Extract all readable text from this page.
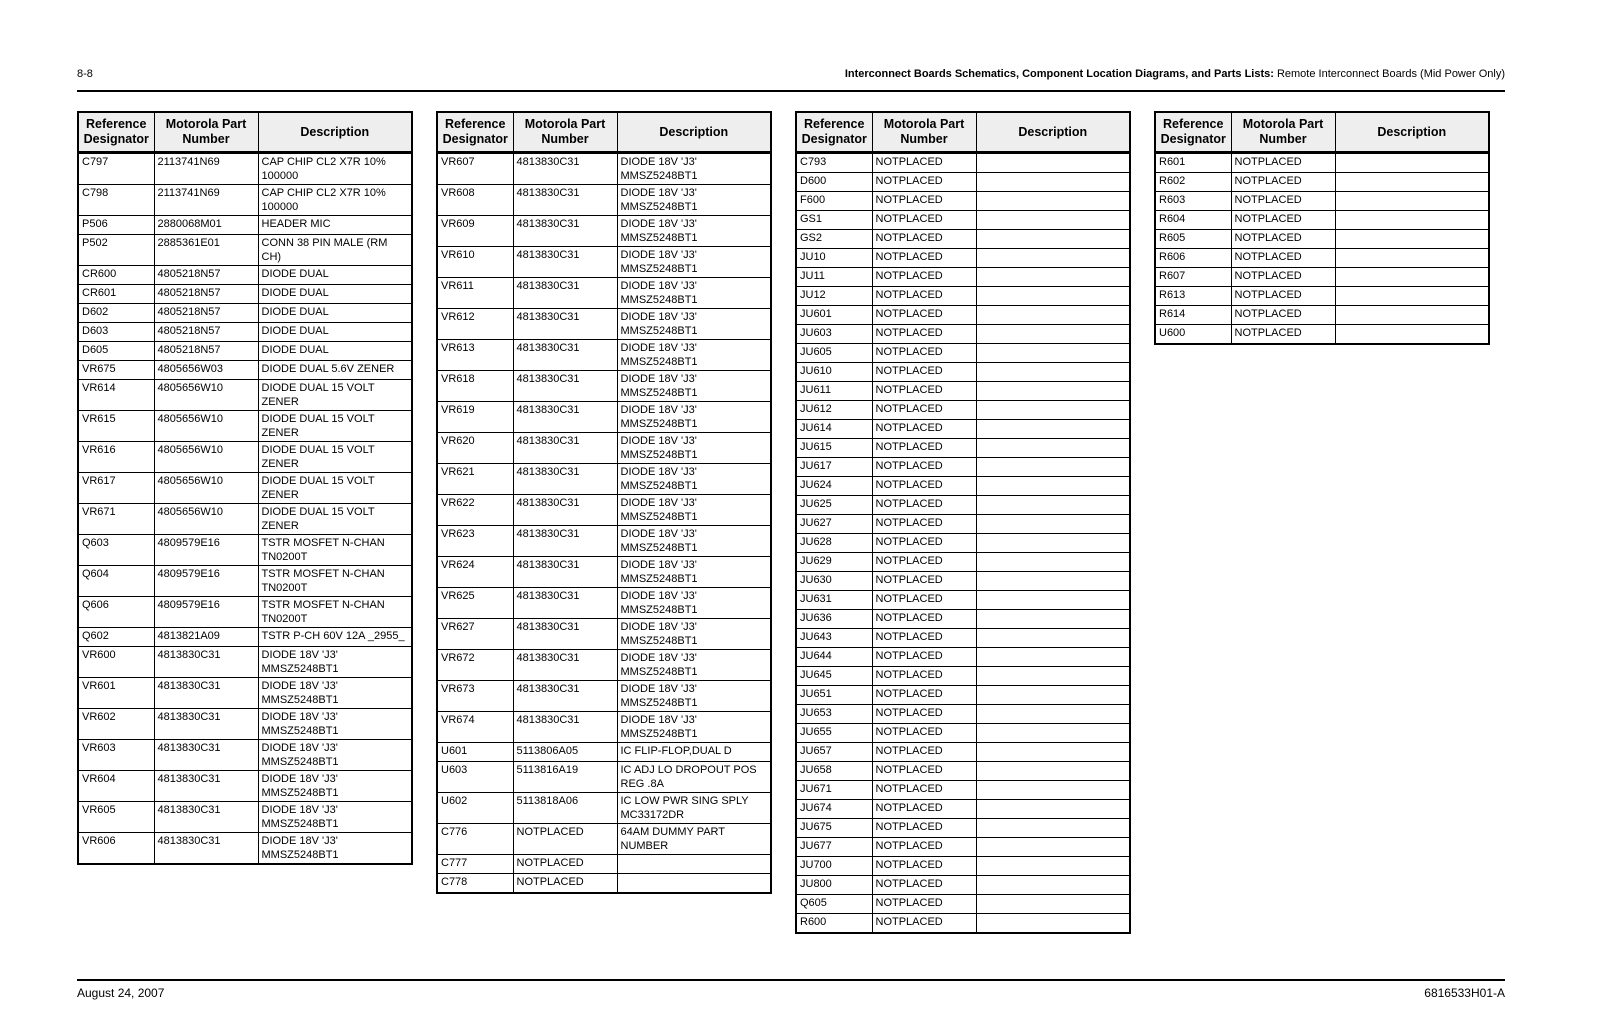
8-8	Interconnect Boards Schematics, Component Location Diagrams, and Parts Lists: Remote Interconnect Boards (Mid Power Only)
Reference Designator	Motorola Part Number	Description
C797	2113741N69	CAP CHIP CL2 X7R 10% 100000
C798	2113741N69	CAP CHIP CL2 X7R 10% 100000
P506	2880068M01	HEADER MIC
P502	2885361E01	CONN 38 PIN MALE (RM CH)
CR600	4805218N57	DIODE DUAL
CR601	4805218N57	DIODE DUAL
D602	4805218N57	DIODE DUAL
D603	4805218N57	DIODE DUAL
D605	4805218N57	DIODE DUAL
VR675	4805656W03	DIODE DUAL 5.6V ZENER
VR614	4805656W10	DIODE DUAL 15 VOLT ZENER
VR615	4805656W10	DIODE DUAL 15 VOLT ZENER
VR616	4805656W10	DIODE DUAL 15 VOLT ZENER
VR617	4805656W10	DIODE DUAL 15 VOLT ZENER
VR671	4805656W10	DIODE DUAL 15 VOLT ZENER
Q603	4809579E16	TSTR MOSFET N-CHAN TN0200T
Q604	4809579E16	TSTR MOSFET N-CHAN TN0200T
Q606	4809579E16	TSTR MOSFET N-CHAN TN0200T
Q602	4813821A09	TSTR P-CH 60V 12A _2955_
VR600	4813830C31	DIODE 18V 'J3' MMSZ5248BT1
VR601	4813830C31	DIODE 18V 'J3' MMSZ5248BT1
VR602	4813830C31	DIODE 18V 'J3' MMSZ5248BT1
VR603	4813830C31	DIODE 18V 'J3' MMSZ5248BT1
VR604	4813830C31	DIODE 18V 'J3' MMSZ5248BT1
VR605	4813830C31	DIODE 18V 'J3' MMSZ5248BT1
VR606	4813830C31	DIODE 18V 'J3' MMSZ5248BT1
Reference Designator	Motorola Part Number	Description
VR607	4813830C31	DIODE 18V 'J3' MMSZ5248BT1
VR608	4813830C31	DIODE 18V 'J3' MMSZ5248BT1
VR609	4813830C31	DIODE 18V 'J3' MMSZ5248BT1
VR610	4813830C31	DIODE 18V 'J3' MMSZ5248BT1
VR611	4813830C31	DIODE 18V 'J3' MMSZ5248BT1
VR612	4813830C31	DIODE 18V 'J3' MMSZ5248BT1
VR613	4813830C31	DIODE 18V 'J3' MMSZ5248BT1
VR618	4813830C31	DIODE 18V 'J3' MMSZ5248BT1
VR619	4813830C31	DIODE 18V 'J3' MMSZ5248BT1
VR620	4813830C31	DIODE 18V 'J3' MMSZ5248BT1
VR621	4813830C31	DIODE 18V 'J3' MMSZ5248BT1
VR622	4813830C31	DIODE 18V 'J3' MMSZ5248BT1
VR623	4813830C31	DIODE 18V 'J3' MMSZ5248BT1
VR624	4813830C31	DIODE 18V 'J3' MMSZ5248BT1
VR625	4813830C31	DIODE 18V 'J3' MMSZ5248BT1
VR627	4813830C31	DIODE 18V 'J3' MMSZ5248BT1
VR672	4813830C31	DIODE 18V 'J3' MMSZ5248BT1
VR673	4813830C31	DIODE 18V 'J3' MMSZ5248BT1
VR674	4813830C31	DIODE 18V 'J3' MMSZ5248BT1
U601	5113806A05	IC FLIP-FLOP,DUAL D
U603	5113816A19	IC ADJ LO DROPOUT POS REG .8A
U602	5113818A06	IC LOW PWR SING SPLY MC33172DR
C776	NOTPLACED	64AM DUMMY PART NUMBER
C777	NOTPLACED	
C778	NOTPLACED	
Reference Designator	Motorola Part Number	Description
C793	NOTPLACED	
D600	NOTPLACED	
F600	NOTPLACED	
GS1	NOTPLACED	
GS2	NOTPLACED	
JU10	NOTPLACED	
JU11	NOTPLACED	
JU12	NOTPLACED	
JU601	NOTPLACED	
JU603	NOTPLACED	
JU605	NOTPLACED	
JU610	NOTPLACED	
JU611	NOTPLACED	
JU612	NOTPLACED	
JU614	NOTPLACED	
JU615	NOTPLACED	
JU617	NOTPLACED	
JU624	NOTPLACED	
JU625	NOTPLACED	
JU627	NOTPLACED	
JU628	NOTPLACED	
JU629	NOTPLACED	
JU630	NOTPLACED	
JU631	NOTPLACED	
JU636	NOTPLACED	
JU643	NOTPLACED	
JU644	NOTPLACED	
JU645	NOTPLACED	
JU651	NOTPLACED	
JU653	NOTPLACED	
JU655	NOTPLACED	
JU657	NOTPLACED	
JU658	NOTPLACED	
JU671	NOTPLACED	
JU674	NOTPLACED	
JU675	NOTPLACED	
JU677	NOTPLACED	
JU700	NOTPLACED	
JU800	NOTPLACED	
Q605	NOTPLACED	
R600	NOTPLACED	
Reference Designator	Motorola Part Number	Description
R601	NOTPLACED	
R602	NOTPLACED	
R603	NOTPLACED	
R604	NOTPLACED	
R605	NOTPLACED	
R606	NOTPLACED	
R607	NOTPLACED	
R613	NOTPLACED	
R614	NOTPLACED	
U600	NOTPLACED	
August 24, 2007	6816533H01-A
